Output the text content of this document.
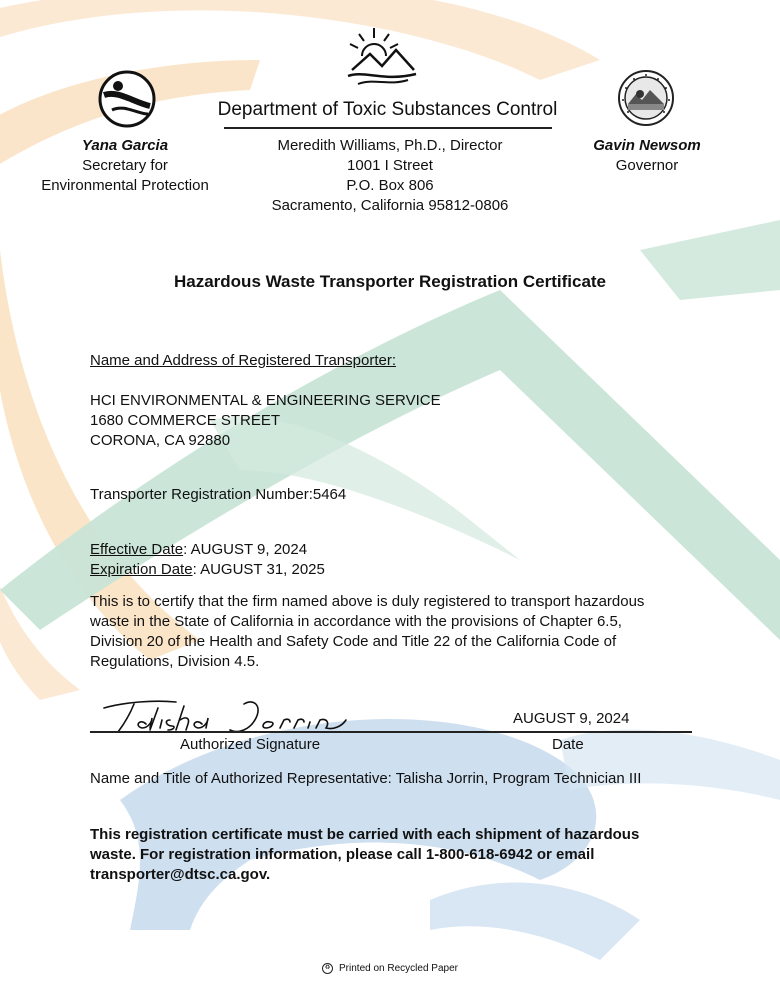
Yana Garcia
Secretary for
Environmental Protection
Department of Toxic Substances Control
Meredith Williams, Ph.D., Director
1001 I Street
P.O. Box 806
Sacramento, California 95812-0806
Gavin Newsom
Governor
Hazardous Waste Transporter Registration Certificate
Name and Address of Registered Transporter:
HCI ENVIRONMENTAL & ENGINEERING SERVICE
1680 COMMERCE STREET
CORONA, CA 92880
Transporter Registration Number:5464
Effective Date: AUGUST 9, 2024
Expiration Date: AUGUST 31, 2025
This is to certify that the firm named above is duly registered to transport hazardous
waste in the State of California in accordance with the provisions of Chapter 6.5,
Division 20 of the Health and Safety Code and Title 22 of the California Code of
Regulations, Division 4.5.
AUGUST 9, 2024
Authorized Signature	Date
Name and Title of Authorized Representative: Talisha Jorrin, Program Technician III
This registration certificate must be carried with each shipment of hazardous
waste. For registration information, please call 1-800-618-6942 or email
transporter@dtsc.ca.gov.
♻ Printed on Recycled Paper
